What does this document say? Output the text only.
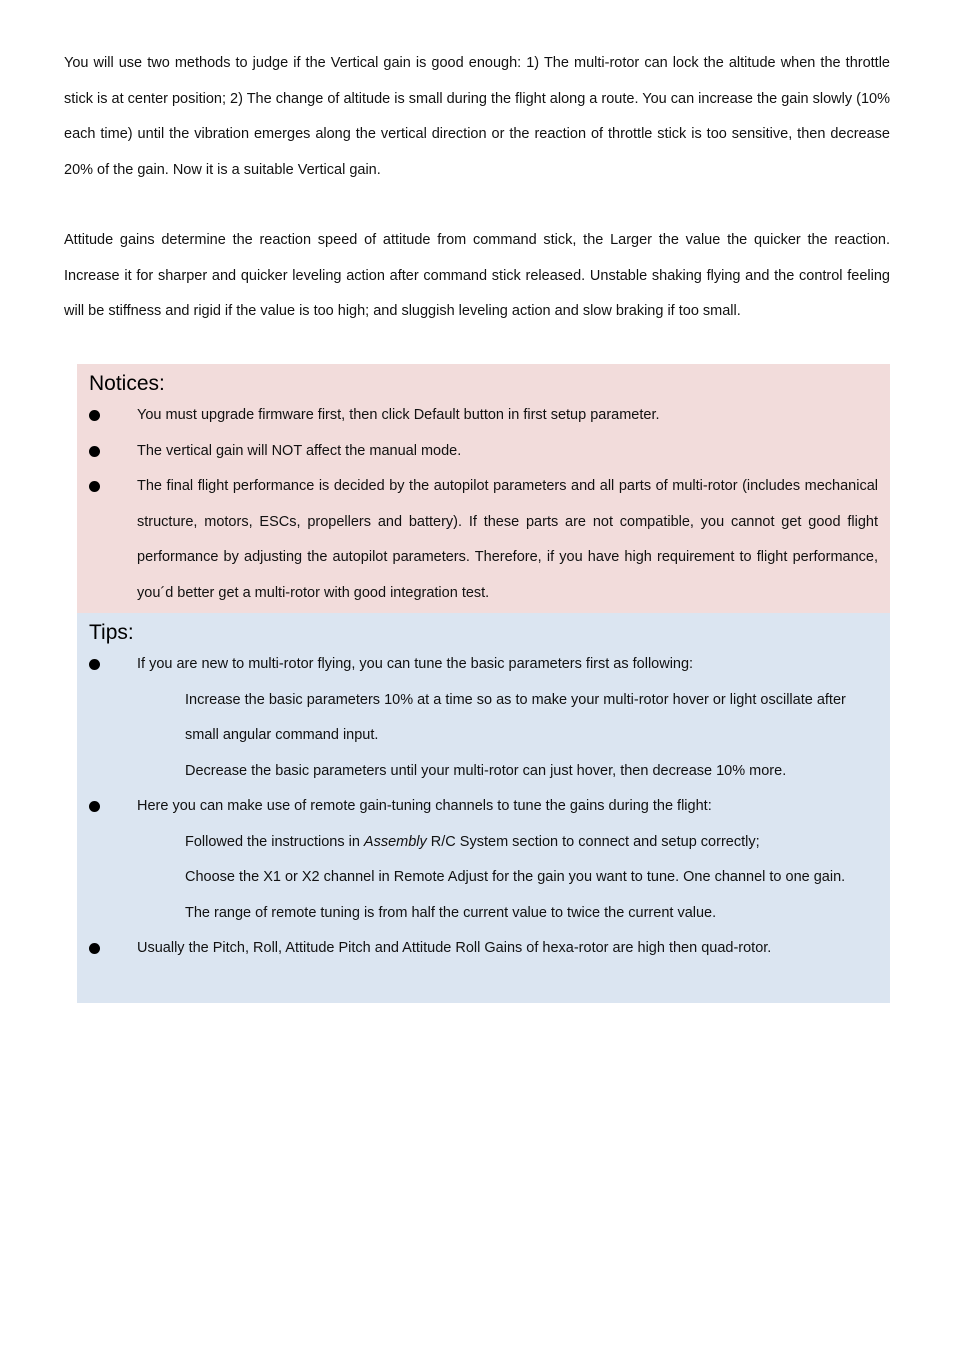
You will use two methods to judge if the Vertical gain is good enough: 1) The multi-rotor can lock the altitude when the throttle stick is at center position; 2) The change of altitude is small during the flight along a route. You can increase the gain slowly (10% each time) until the vibration emerges along the vertical direction or the reaction of throttle stick is too sensitive, then decrease 20% of the gain. Now it is a suitable Vertical gain.

Attitude gains determine the reaction speed of attitude from command stick, the Larger the value the quicker the reaction. Increase it for sharper and quicker leveling action after command stick released. Unstable shaking flying and the control feeling will be stiffness and rigid if the value is too high; and sluggish leveling action and slow braking if too small.

Notices:
You must upgrade firmware first, then click Default button in first setup parameter.
The vertical gain will NOT affect the manual mode.
The final flight performance is decided by the autopilot parameters and all parts of multi-rotor (includes mechanical structure, motors, ESCs, propellers and battery). If these parts are not compatible, you cannot get good flight performance by adjusting the autopilot parameters. Therefore, if you have high requirement to flight performance, you´d better get a multi-rotor with good integration test.
Tips:
If you are new to multi-rotor flying, you can tune the basic parameters first as following:
Increase the basic parameters 10% at a time so as to make your multi-rotor hover or light oscillate after small angular command input.
Decrease the basic parameters until your multi-rotor can just hover, then decrease 10% more.
Here you can make use of remote gain-tuning channels to tune the gains during the flight:
Followed the instructions in Assembly R/C System section to connect and setup correctly;
Choose the X1 or X2 channel in Remote Adjust for the gain you want to tune. One channel to one gain.
The range of remote tuning is from half the current value to twice the current value.
Usually the Pitch, Roll, Attitude Pitch and Attitude Roll Gains of hexa-rotor are high then quad-rotor.
